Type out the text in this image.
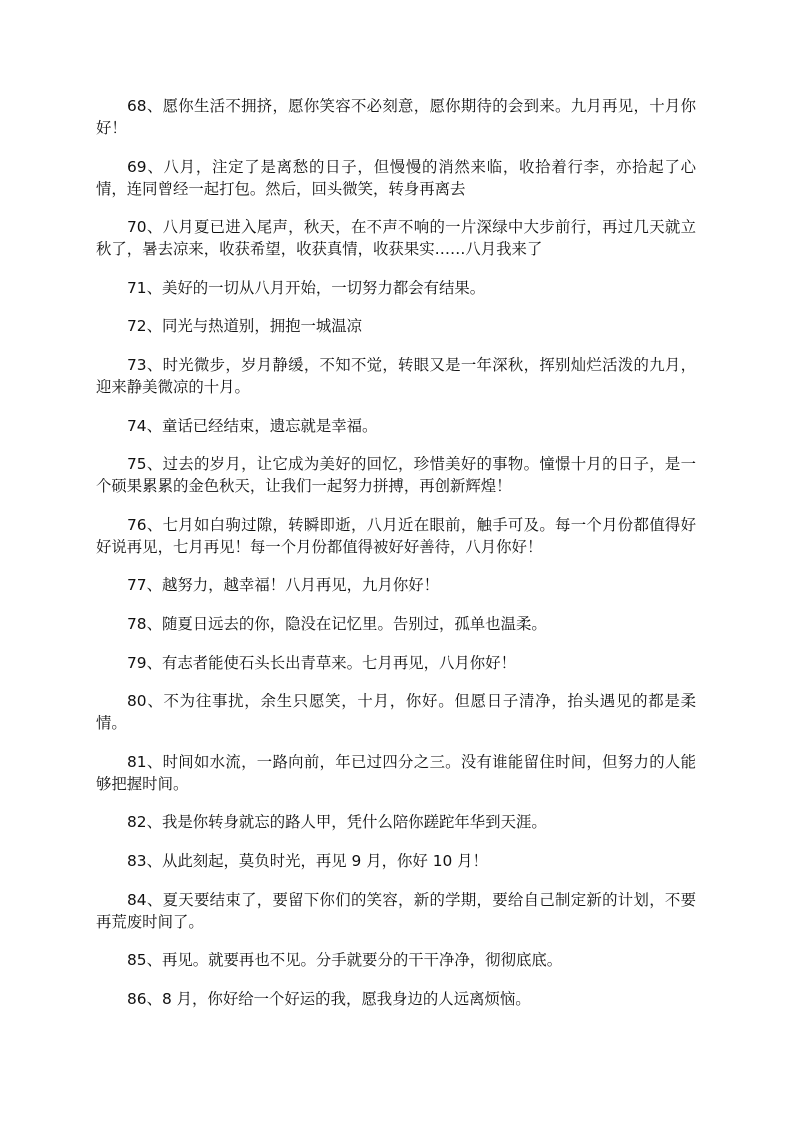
68、愿你生活不拥挤，愿你笑容不必刻意，愿你期待的会到来。九月再见，十月你好！

69、八月，注定了是离愁的日子，但慢慢的消然来临，收拾着行李，亦拾起了心情，连同曾经一起打包。然后，回头微笑，转身再离去

70、八月夏已进入尾声，秋天，在不声不响的一片深绿中大步前行，再过几天就立秋了，暑去凉来，收获希望，收获真情，收获果实……八月我来了

71、美好的一切从八月开始，一切努力都会有结果。

72、同光与热道别，拥抱一城温凉

73、时光微步，岁月静缓，不知不觉，转眼又是一年深秋，挥别灿烂活泼的九月，迎来静美微凉的十月。

74、童话已经结束，遗忘就是幸福。

75、过去的岁月，让它成为美好的回忆，珍惜美好的事物。憧憬十月的日子，是一个硕果累累的金色秋天，让我们一起努力拼搏，再创新辉煌！

76、七月如白驹过隙，转瞬即逝，八月近在眼前，触手可及。每一个月份都值得好好说再见，七月再见！每一个月份都值得被好好善待，八月你好！

77、越努力，越幸福！八月再见，九月你好！

78、随夏日远去的你，隐没在记忆里。告别过，孤单也温柔。

79、有志者能使石头长出青草来。七月再见，八月你好！

80、不为往事扰，余生只愿笑，十月，你好。但愿日子清净，抬头遇见的都是柔情。

81、时间如水流，一路向前，年已过四分之三。没有谁能留住时间，但努力的人能够把握时间。

82、我是你转身就忘的路人甲，凭什么陪你蹉跎年华到天涯。

83、从此刻起，莫负时光，再见 9 月，你好 10 月！

84、夏天要结束了，要留下你们的笑容，新的学期，要给自己制定新的计划，不要再荒废时间了。

85、再见。就要再也不见。分手就要分的干干净净，彻彻底底。

86、8 月，你好给一个好运的我，愿我身边的人远离烦恼。
